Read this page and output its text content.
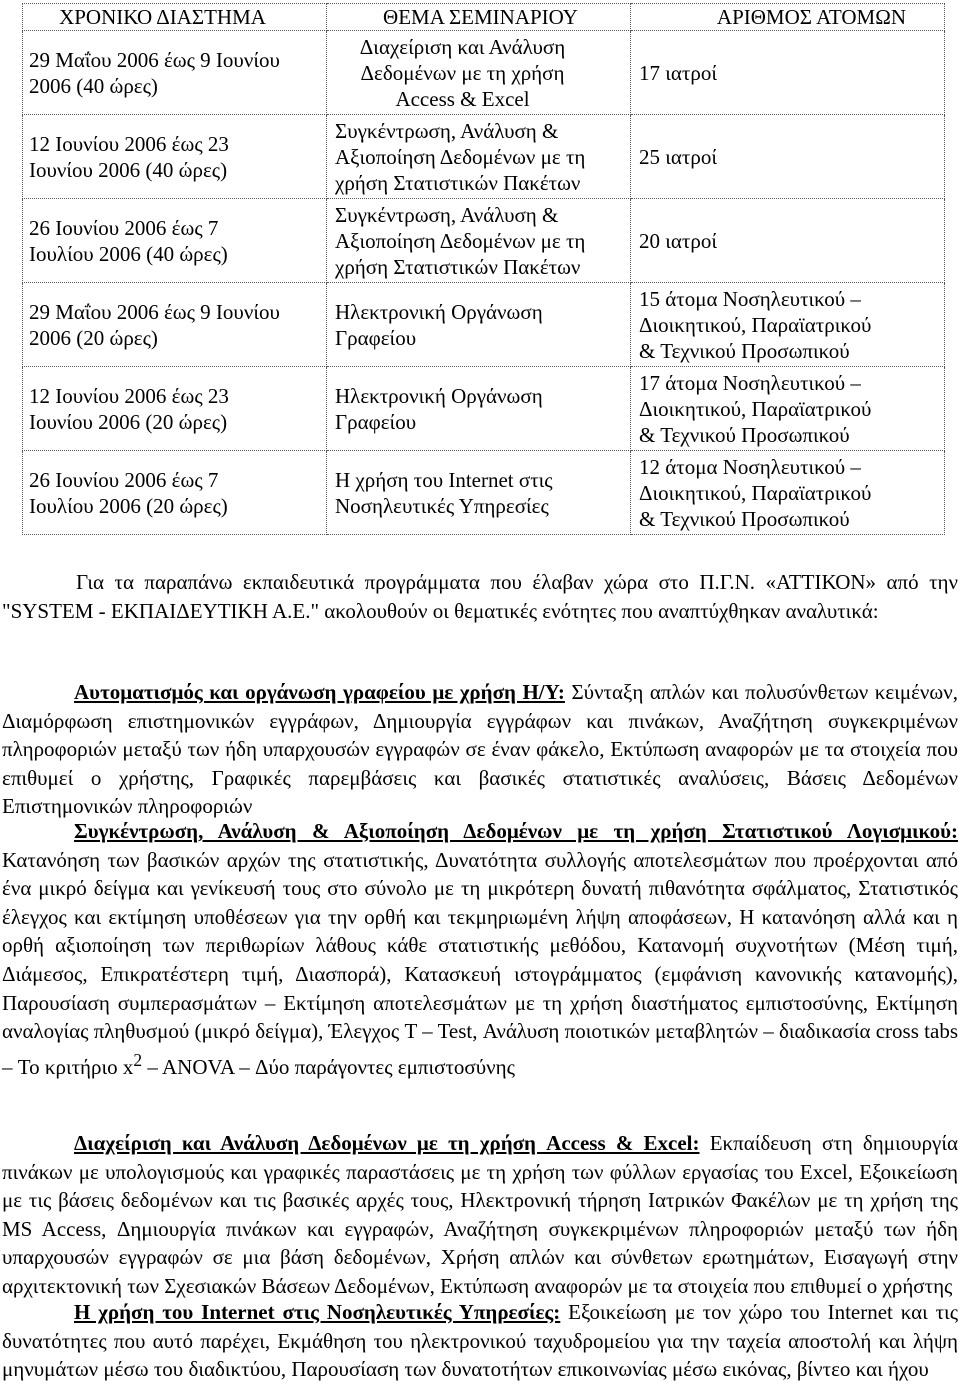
ΧΡΟΝΙΚΟ ΔΙΑΣΤΗΜΑ	ΘΕΜΑ ΣΕΜΙΝΑΡΙΟΥ	ΑΡΙΘΜΟΣ ΑΤΟΜΩΝ

29 Μαΐου 2006 έως 9 Ιουνίου
2006 (40 ώρες)	Διαχείριση και Ανάλυση
Δεδομένων με τη χρήση
Access & Excel	17 ιατροί

12 Ιουνίου 2006 έως 23
Ιουνίου 2006 (40 ώρες)	Συγκέντρωση, Ανάλυση &
Αξιοποίηση Δεδομένων με τη
χρήση Στατιστικών Πακέτων	25 ιατροί

26 Ιουνίου 2006 έως 7
Ιουλίου 2006 (40 ώρες)	Συγκέντρωση, Ανάλυση &
Αξιοποίηση Δεδομένων με τη
χρήση Στατιστικών Πακέτων	20 ιατροί

29 Μαΐου 2006 έως 9 Ιουνίου
2006 (20 ώρες)	Ηλεκτρονική Οργάνωση
Γραφείου	15 άτομα Νοσηλευτικού –
Διοικητικού, Παραϊατρικού
& Τεχνικού Προσωπικού

12 Ιουνίου 2006 έως 23
Ιουνίου 2006 (20 ώρες)	Ηλεκτρονική Οργάνωση
Γραφείου	17 άτομα Νοσηλευτικού –
Διοικητικού, Παραϊατρικού
& Τεχνικού Προσωπικού

26 Ιουνίου 2006 έως 7
Ιουλίου 2006 (20 ώρες)	Η χρήση του Internet στις
Νοσηλευτικές Υπηρεσίες	12 άτομα Νοσηλευτικού –
Διοικητικού, Παραϊατρικού
& Τεχνικού Προσωπικού
Για τα παραπάνω εκπαιδευτικά προγράμματα που έλαβαν χώρα στο Π.Γ.Ν. «ΑΤΤΙΚΟΝ» από την "SYSTEM - ΕΚΠΑΙΔΕΥΤΙΚΗ Α.Ε." ακολουθούν οι θεματικές ενότητες που αναπτύχθηκαν αναλυτικά:

Αυτοματισμός και οργάνωση γραφείου με χρήση Η/Υ: Σύνταξη απλών και πολυσύνθετων κειμένων, Διαμόρφωση επιστημονικών εγγράφων, Δημιουργία εγγράφων και πινάκων, Αναζήτηση συγκεκριμένων πληροφοριών μεταξύ των ήδη υπαρχουσών εγγραφών σε έναν φάκελο, Εκτύπωση αναφορών με τα στοιχεία που επιθυμεί ο χρήστης, Γραφικές παρεμβάσεις και βασικές στατιστικές αναλύσεις, Βάσεις Δεδομένων Επιστημονικών πληροφοριών

Συγκέντρωση, Ανάλυση & Αξιοποίηση Δεδομένων με τη χρήση Στατιστικού Λογισμικού: Κατανόηση των βασικών αρχών της στατιστικής, Δυνατότητα συλλογής αποτελεσμάτων που προέρχονται από ένα μικρό δείγμα και γενίκευσή τους στο σύνολο με τη μικρότερη δυνατή πιθανότητα σφάλματος, Στατιστικός έλεγχος και εκτίμηση υποθέσεων για την ορθή και τεκμηριωμένη λήψη αποφάσεων, Η κατανόηση αλλά και η ορθή αξιοποίηση των περιθωρίων λάθους κάθε στατιστικής μεθόδου, Κατανομή συχνοτήτων (Μέση τιμή, Διάμεσος, Επικρατέστερη τιμή, Διασπορά), Κατασκευή ιστογράμματος (εμφάνιση κανονικής κατανομής), Παρουσίαση συμπερασμάτων – Εκτίμηση αποτελεσμάτων με τη χρήση διαστήματος εμπιστοσύνης, Εκτίμηση αναλογίας πληθυσμού (μικρό δείγμα), Έλεγχος T – Test, Ανάλυση ποιοτικών μεταβλητών – διαδικασία cross tabs – Το κριτήριο $x^2$ – ANOVA – Δύο παράγοντες εμπιστοσύνης

Διαχείριση και Ανάλυση Δεδομένων με τη χρήση Access & Excel: Εκπαίδευση στη δημιουργία πινάκων με υπολογισμούς και γραφικές παραστάσεις με τη χρήση των φύλλων εργασίας του Excel, Εξοικείωση με τις βάσεις δεδομένων και τις βασικές αρχές τους, Ηλεκτρονική τήρηση Ιατρικών Φακέλων με τη χρήση της MS Access, Δημιουργία πινάκων και εγγραφών, Αναζήτηση συγκεκριμένων πληροφοριών μεταξύ των ήδη υπαρχουσών εγγραφών σε μια βάση δεδομένων, Χρήση απλών και σύνθετων ερωτημάτων, Εισαγωγή στην αρχιτεκτονική των Σχεσιακών Βάσεων Δεδομένων, Εκτύπωση αναφορών με τα στοιχεία που επιθυμεί ο χρήστης

Η χρήση του Internet στις Νοσηλευτικές Υπηρεσίες: Εξοικείωση με τον χώρο του Internet και τις δυνατότητες που αυτό παρέχει, Εκμάθηση του ηλεκτρονικού ταχυδρομείου για την ταχεία αποστολή και λήψη μηνυμάτων μέσω του διαδικτύου, Παρουσίαση των δυνατοτήτων επικοινωνίας μέσω εικόνας, βίντεο και ήχου
